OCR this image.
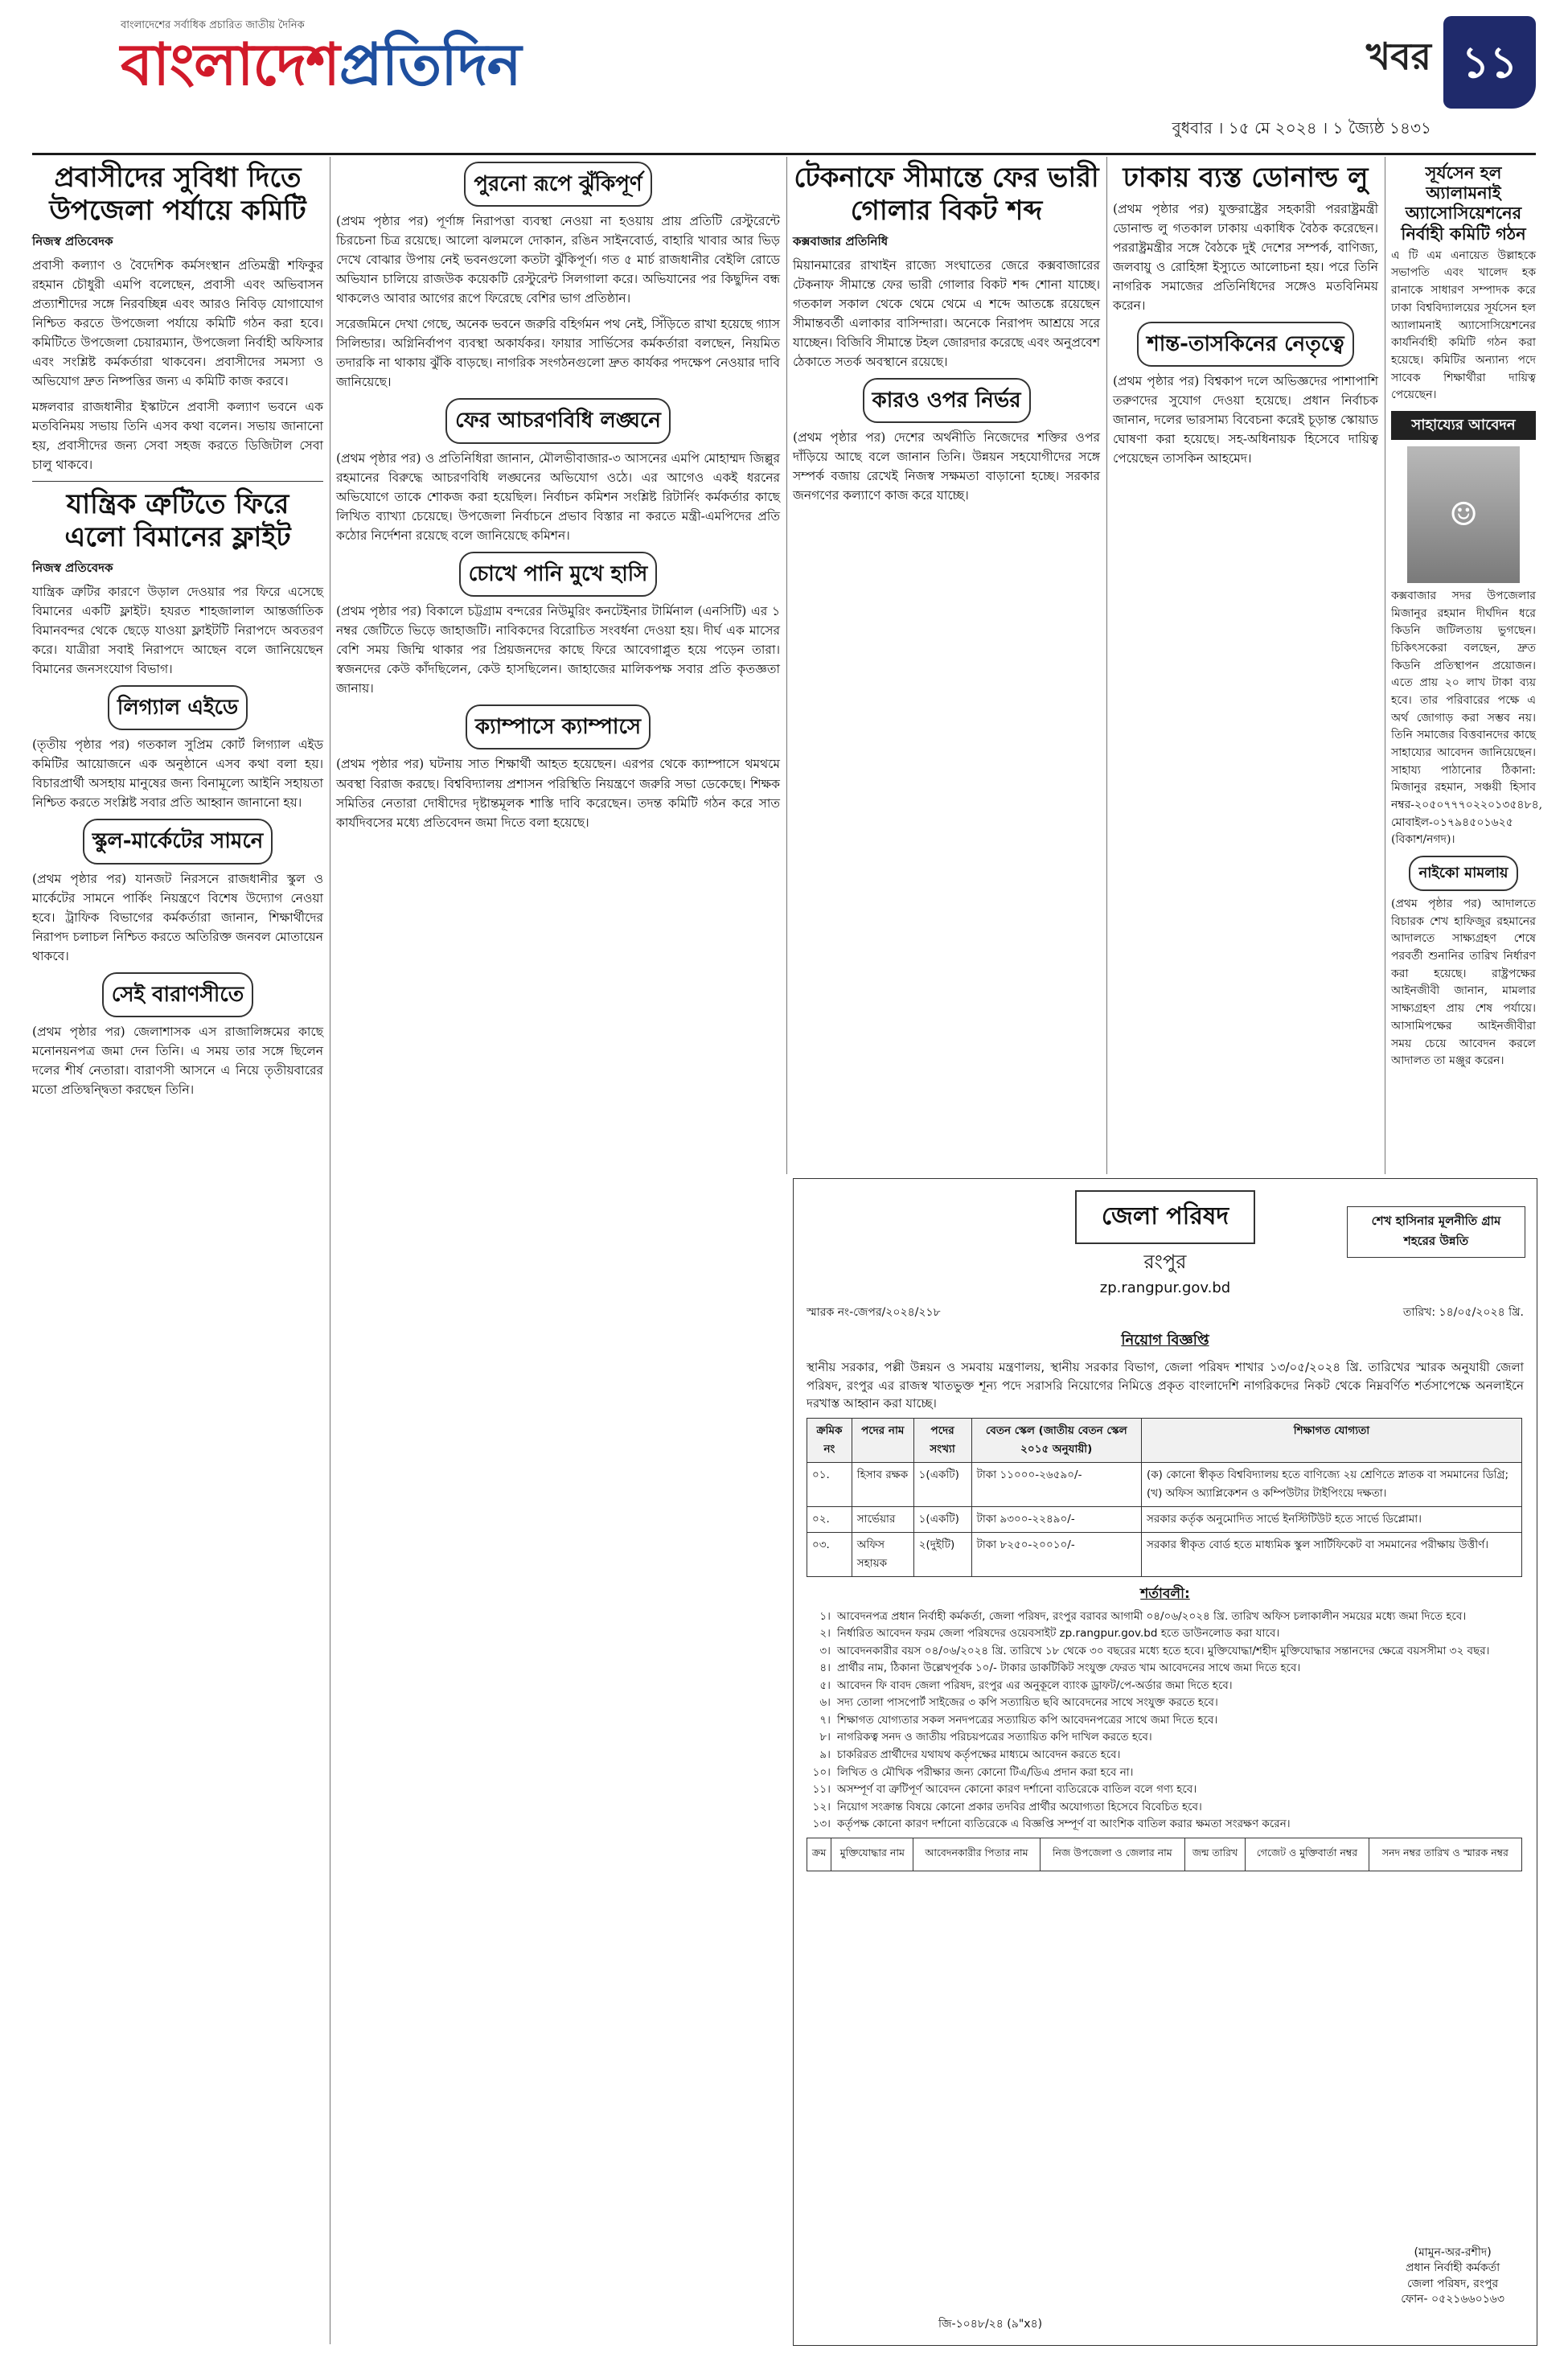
বাংলাদেশের সর্বাধিক প্রচারিত জাতীয় দৈনিক
বাংলাদেশপ্রতিদিন	খবর ১১
বুধবার । ১৫ মে ২০২৪ । ১ জ্যৈষ্ঠ ১৪৩১
প্রবাসীদের সুবিধা দিতে উপজেলা পর্যায়ে কমিটি
নিজস্ব প্রতিবেদক

প্রবাসী কল্যাণ ও বৈদেশিক কর্মসংস্থান প্রতিমন্ত্রী শফিকুর রহমান চৌধুরী এমপি বলেছেন, প্রবাসী এবং অভিবাসন প্রত্যাশীদের সঙ্গে নিরবচ্ছিন্ন এবং আরও নিবিড় যোগাযোগ নিশ্চিত করতে উপজেলা পর্যায়ে কমিটি গঠন করা হবে। কমিটিতে উপজেলা চেয়ারম্যান, উপজেলা নির্বাহী অফিসার এবং সংশ্লিষ্ট কর্মকর্তারা থাকবেন। প্রবাসীদের সমস্যা ও অভিযোগ দ্রুত নিষ্পত্তির জন্য এ কমিটি কাজ করবে।

মঙ্গলবার রাজধানীর ইস্কাটনে প্রবাসী কল্যাণ ভবনে এক মতবিনিময় সভায় তিনি এসব কথা বলেন। সভায় জানানো হয়, প্রবাসীদের জন্য সেবা সহজ করতে ডিজিটাল সেবা চালু থাকবে।

যান্ত্রিক ত্রুটিতে ফিরে এলো বিমানের ফ্লাইট
নিজস্ব প্রতিবেদক

যান্ত্রিক ত্রুটির কারণে উড়াল দেওয়ার পর ফিরে এসেছে বিমানের একটি ফ্লাইট। হযরত শাহজালাল আন্তর্জাতিক বিমানবন্দর থেকে ছেড়ে যাওয়া ফ্লাইটটি নিরাপদে অবতরণ করে। যাত্রীরা সবাই নিরাপদে আছেন বলে জানিয়েছেন বিমানের জনসংযোগ বিভাগ।

লিগ্যাল এইডে

(তৃতীয় পৃষ্ঠার পর) গতকাল সুপ্রিম কোর্ট লিগ্যাল এইড কমিটির আয়োজনে এক অনুষ্ঠানে এসব কথা বলা হয়। বিচারপ্রার্থী অসহায় মানুষের জন্য বিনামূল্যে আইনি সহায়তা নিশ্চিত করতে সংশ্লিষ্ট সবার প্রতি আহ্বান জানানো হয়।

স্কুল-মার্কেটের সামনে

(প্রথম পৃষ্ঠার পর) যানজট নিরসনে রাজধানীর স্কুল ও মার্কেটের সামনে পার্কিং নিয়ন্ত্রণে বিশেষ উদ্যোগ নেওয়া হবে। ট্রাফিক বিভাগের কর্মকর্তারা জানান, শিক্ষার্থীদের নিরাপদ চলাচল নিশ্চিত করতে অতিরিক্ত জনবল মোতায়েন থাকবে।

সেই বারাণসীতে

(প্রথম পৃষ্ঠার পর) জেলাশাসক এস রাজালিঙ্গমের কাছে মনোনয়নপত্র জমা দেন তিনি। এ সময় তার সঙ্গে ছিলেন দলের শীর্ষ নেতারা। বারাণসী আসনে এ নিয়ে তৃতীয়বারের মতো প্রতিদ্বন্দ্বিতা করছেন তিনি।

পুরনো রূপে ঝুঁকিপূর্ণ

(প্রথম পৃষ্ঠার পর) পূর্ণাঙ্গ নিরাপত্তা ব্যবস্থা নেওয়া না হওয়ায় প্রায় প্রতিটি রেস্টুরেন্টে চিরচেনা চিত্র রয়েছে। আলো ঝলমলে দোকান, রঙিন সাইনবোর্ড, বাহারি খাবার আর ভিড় দেখে বোঝার উপায় নেই ভবনগুলো কতটা ঝুঁকিপূর্ণ। গত ৫ মার্চ রাজধানীর বেইলি রোডে অভিযান চালিয়ে রাজউক কয়েকটি রেস্টুরেন্ট সিলগালা করে। অভিযানের পর কিছুদিন বন্ধ থাকলেও আবার আগের রূপে ফিরেছে বেশির ভাগ প্রতিষ্ঠান।

সরেজমিনে দেখা গেছে, অনেক ভবনে জরুরি বহির্গমন পথ নেই, সিঁড়িতে রাখা হয়েছে গ্যাস সিলিন্ডার। অগ্নিনির্বাপণ ব্যবস্থা অকার্যকর। ফায়ার সার্ভিসের কর্মকর্তারা বলছেন, নিয়মিত তদারকি না থাকায় ঝুঁকি বাড়ছে। নাগরিক সংগঠনগুলো দ্রুত কার্যকর পদক্ষেপ নেওয়ার দাবি জানিয়েছে।

ফের আচরণবিধি লঙ্ঘনে

(প্রথম পৃষ্ঠার পর) ও প্রতিনিধিরা জানান, মৌলভীবাজার-৩ আসনের এমপি মোহাম্মদ জিল্লুর রহমানের বিরুদ্ধে আচরণবিধি লঙ্ঘনের অভিযোগ ওঠে। এর আগেও একই ধরনের অভিযোগে তাকে শোকজ করা হয়েছিল। নির্বাচন কমিশন সংশ্লিষ্ট রিটার্নিং কর্মকর্তার কাছে লিখিত ব্যাখ্যা চেয়েছে। উপজেলা নির্বাচনে প্রভাব বিস্তার না করতে মন্ত্রী-এমপিদের প্রতি কঠোর নির্দেশনা রয়েছে বলে জানিয়েছে কমিশন।

চোখে পানি মুখে হাসি

(প্রথম পৃষ্ঠার পর) বিকালে চট্টগ্রাম বন্দরের নিউমুরিং কনটেইনার টার্মিনাল (এনসিটি) এর ১ নম্বর জেটিতে ভিড়ে জাহাজটি। নাবিকদের বিরোচিত সংবর্ধনা দেওয়া হয়। দীর্ঘ এক মাসের বেশি সময় জিম্মি থাকার পর প্রিয়জনদের কাছে ফিরে আবেগাপ্লুত হয়ে পড়েন তারা। স্বজনদের কেউ কাঁদছিলেন, কেউ হাসছিলেন। জাহাজের মালিকপক্ষ সবার প্রতি কৃতজ্ঞতা জানায়।

ক্যাম্পাসে ক্যাম্পাসে

(প্রথম পৃষ্ঠার পর) ঘটনায় সাত শিক্ষার্থী আহত হয়েছেন। এরপর থেকে ক্যাম্পাসে থমথমে অবস্থা বিরাজ করছে। বিশ্ববিদ্যালয় প্রশাসন পরিস্থিতি নিয়ন্ত্রণে জরুরি সভা ডেকেছে। শিক্ষক সমিতির নেতারা দোষীদের দৃষ্টান্তমূলক শাস্তি দাবি করেছেন। তদন্ত কমিটি গঠন করে সাত কার্যদিবসের মধ্যে প্রতিবেদন জমা দিতে বলা হয়েছে।

টেকনাফে সীমান্তে ফের ভারী গোলার বিকট শব্দ
কক্সবাজার প্রতিনিধি

মিয়ানমারের রাখাইন রাজ্যে সংঘাতের জেরে কক্সবাজারের টেকনাফ সীমান্তে ফের ভারী গোলার বিকট শব্দ শোনা যাচ্ছে। গতকাল সকাল থেকে থেমে থেমে এ শব্দে আতঙ্কে রয়েছেন সীমান্তবর্তী এলাকার বাসিন্দারা। অনেকে নিরাপদ আশ্রয়ে সরে যাচ্ছেন। বিজিবি সীমান্তে টহল জোরদার করেছে এবং অনুপ্রবেশ ঠেকাতে সতর্ক অবস্থানে রয়েছে।

কারও ওপর নির্ভর

(প্রথম পৃষ্ঠার পর) দেশের অর্থনীতি নিজেদের শক্তির ওপর দাঁড়িয়ে আছে বলে জানান তিনি। উন্নয়ন সহযোগীদের সঙ্গে সম্পর্ক বজায় রেখেই নিজস্ব সক্ষমতা বাড়ানো হচ্ছে। সরকার জনগণের কল্যাণে কাজ করে যাচ্ছে।

ঢাকায় ব্যস্ত ডোনাল্ড লু

(প্রথম পৃষ্ঠার পর) যুক্তরাষ্ট্রের সহকারী পররাষ্ট্রমন্ত্রী ডোনাল্ড লু গতকাল ঢাকায় একাধিক বৈঠক করেছেন। পররাষ্ট্রমন্ত্রীর সঙ্গে বৈঠকে দুই দেশের সম্পর্ক, বাণিজ্য, জলবায়ু ও রোহিঙ্গা ইস্যুতে আলোচনা হয়। পরে তিনি নাগরিক সমাজের প্রতিনিধিদের সঙ্গেও মতবিনিময় করেন।

শান্ত-তাসকিনের নেতৃত্বে

(প্রথম পৃষ্ঠার পর) বিশ্বকাপ দলে অভিজ্ঞদের পাশাপাশি তরুণদের সুযোগ দেওয়া হয়েছে। প্রধান নির্বাচক জানান, দলের ভারসাম্য বিবেচনা করেই চূড়ান্ত স্কোয়াড ঘোষণা করা হয়েছে। সহ-অধিনায়ক হিসেবে দায়িত্ব পেয়েছেন তাসকিন আহমেদ।

সূর্যসেন হল অ্যালামনাই অ্যাসোসিয়েশনের নির্বাহী কমিটি গঠন

এ টি এম এনায়েত উল্লাহকে সভাপতি এবং খালেদ হক রানাকে সাধারণ সম্পাদক করে ঢাকা বিশ্ববিদ্যালয়ের সূর্যসেন হল অ্যালামনাই অ্যাসোসিয়েশনের কার্যনির্বাহী কমিটি গঠন করা হয়েছে। কমিটির অন্যান্য পদে সাবেক শিক্ষার্থীরা দায়িত্ব পেয়েছেন।

সাহায্যের আবেদন
☺

কক্সবাজার সদর উপজেলার মিজানুর রহমান দীর্ঘদিন ধরে কিডনি জটিলতায় ভুগছেন। চিকিৎসকেরা বলছেন, দ্রুত কিডনি প্রতিস্থাপন প্রয়োজন। এতে প্রায় ২০ লাখ টাকা ব্যয় হবে। তার পরিবারের পক্ষে এ অর্থ জোগাড় করা সম্ভব নয়। তিনি সমাজের বিত্তবানদের কাছে সাহায্যের আবেদন জানিয়েছেন। সাহায্য পাঠানোর ঠিকানা: মিজানুর রহমান, সঞ্চয়ী হিসাব নম্বর-২০৫০৭৭৭০২২০১৩৫৪৮৪, মোবাইল-০১৭৯৪৫০১৬২৫ (বিকাশ/নগদ)।

নাইকো মামলায়

(প্রথম পৃষ্ঠার পর) আদালতে বিচারক শেখ হাফিজুর রহমানের আদালতে সাক্ষ্যগ্রহণ শেষে পরবর্তী শুনানির তারিখ নির্ধারণ করা হয়েছে। রাষ্ট্রপক্ষের আইনজীবী জানান, মামলার সাক্ষ্যগ্রহণ প্রায় শেষ পর্যায়ে। আসামিপক্ষের আইনজীবীরা সময় চেয়ে আবেদন করলে আদালত তা মঞ্জুর করেন।

জেলা পরিষদ
রংপুর
zp.rangpur.gov.bd
শেখ হাসিনার মূলনীতি গ্রাম শহরের উন্নতি
স্মারক নং-জেপর/২০২৪/২১৮	তারিখ: ১৪/০৫/২০২৪ খ্রি.
নিয়োগ বিজ্ঞপ্তি

স্থানীয় সরকার, পল্লী উন্নয়ন ও সমবায় মন্ত্রণালয়, স্থানীয় সরকার বিভাগ, জেলা পরিষদ শাখার ১৩/০৫/২০২৪ খ্রি. তারিখের স্মারক অনুযায়ী জেলা পরিষদ, রংপুর এর রাজস্ব খাতভুক্ত শূন্য পদে সরাসরি নিয়োগের নিমিত্তে প্রকৃত বাংলাদেশি নাগরিকদের নিকট থেকে নিম্নবর্ণিত শর্তসাপেক্ষে অনলাইনে দরখাস্ত আহ্বান করা যাচ্ছে।

ক্রমিক নং	পদের নাম	পদের সংখ্যা	বেতন স্কেল (জাতীয় বেতন স্কেল ২০১৫ অনুযায়ী)	শিক্ষাগত যোগ্যতা
০১.	হিসাব রক্ষক	১(একটি)	টাকা ১১০০০-২৬৫৯০/-	(ক) কোনো স্বীকৃত বিশ্ববিদ্যালয় হতে বাণিজ্যে ২য় শ্রেণিতে স্নাতক বা সমমানের ডিগ্রি; (খ) অফিস অ্যাপ্লিকেশন ও কম্পিউটার টাইপিংয়ে দক্ষতা।
০২.	সার্ভেয়ার	১(একটি)	টাকা ৯৩০০-২২৪৯০/-	সরকার কর্তৃক অনুমোদিত সার্ভে ইনস্টিটিউট হতে সার্ভে ডিপ্লোমা।
০৩.	অফিস সহায়ক	২(দুইটি)	টাকা ৮২৫০-২০০১০/-	সরকার স্বীকৃত বোর্ড হতে মাধ্যমিক স্কুল সার্টিফিকেট বা সমমানের পরীক্ষায় উত্তীর্ণ।
শর্তাবলী:
১। আবেদনপত্র প্রধান নির্বাহী কর্মকর্তা, জেলা পরিষদ, রংপুর বরাবর আগামী ০৪/০৬/২০২৪ খ্রি. তারিখ অফিস চলাকালীন সময়ের মধ্যে জমা দিতে হবে।
২। নির্ধারিত আবেদন ফরম জেলা পরিষদের ওয়েবসাইট zp.rangpur.gov.bd হতে ডাউনলোড করা যাবে।
৩। আবেদনকারীর বয়স ০৪/০৬/২০২৪ খ্রি. তারিখে ১৮ থেকে ৩০ বছরের মধ্যে হতে হবে। মুক্তিযোদ্ধা/শহীদ মুক্তিযোদ্ধার সন্তানদের ক্ষেত্রে বয়সসীমা ৩২ বছর।
৪। প্রার্থীর নাম, ঠিকানা উল্লেখপূর্বক ১০/- টাকার ডাকটিকিট সংযুক্ত ফেরত খাম আবেদনের সাথে জমা দিতে হবে।
৫। আবেদন ফি বাবদ জেলা পরিষদ, রংপুর এর অনুকূলে ব্যাংক ড্রাফট/পে-অর্ডার জমা দিতে হবে।
৬। সদ্য তোলা পাসপোর্ট সাইজের ৩ কপি সত্যায়িত ছবি আবেদনের সাথে সংযুক্ত করতে হবে।
৭। শিক্ষাগত যোগ্যতার সকল সনদপত্রের সত্যায়িত কপি আবেদনপত্রের সাথে জমা দিতে হবে।
৮। নাগরিকত্ব সনদ ও জাতীয় পরিচয়পত্রের সত্যায়িত কপি দাখিল করতে হবে।
৯। চাকরিরত প্রার্থীদের যথাযথ কর্তৃপক্ষের মাধ্যমে আবেদন করতে হবে।
১০। লিখিত ও মৌখিক পরীক্ষার জন্য কোনো টিএ/ডিএ প্রদান করা হবে না।
১১। অসম্পূর্ণ বা ত্রুটিপূর্ণ আবেদন কোনো কারণ দর্শানো ব্যতিরেকে বাতিল বলে গণ্য হবে।
১২। নিয়োগ সংক্রান্ত বিষয়ে কোনো প্রকার তদবির প্রার্থীর অযোগ্যতা হিসেবে বিবেচিত হবে।
১৩। কর্তৃপক্ষ কোনো কারণ দর্শানো ব্যতিরেকে এ বিজ্ঞপ্তি সম্পূর্ণ বা আংশিক বাতিল করার ক্ষমতা সংরক্ষণ করেন।
ক্রম	মুক্তিযোদ্ধার নাম	আবেদনকারীর পিতার নাম	নিজ উপজেলা ও জেলার নাম	জন্ম তারিখ	গেজেট ও মুক্তিবার্তা নম্বর	সনদ নম্বর তারিখ ও স্মারক নম্বর
(মামুন-অর-রশীদ)
প্রধান নির্বাহী কর্মকর্তা
জেলা পরিষদ, রংপুর
ফোন- ০৫২১৬৬০১৬৩
জি-১০৪৮/২৪ (৯"x৪)
